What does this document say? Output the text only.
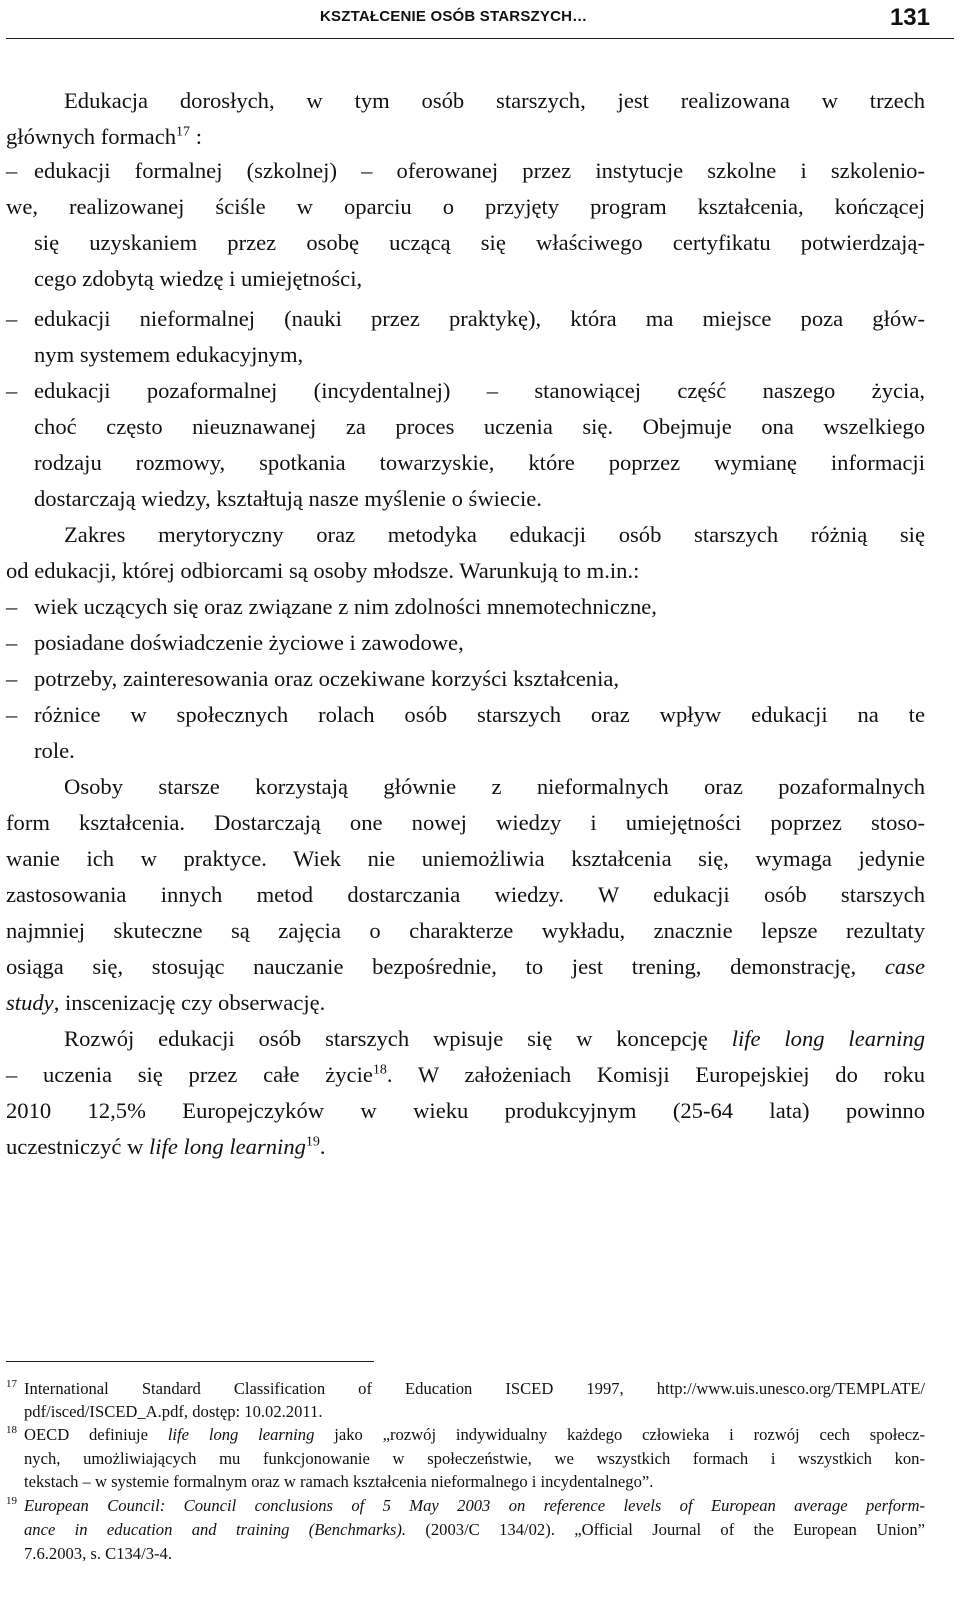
KSZTAŁCENIE OSÓB STARSZYCH…	131
Edukacja dorosłych, w tym osób starszych, jest realizowana w trzech
głównych formach$^{17}$ :
– edukacji formalnej (szkolnej) – oferowanej przez instytucje szkolne i szkolenio-
we, realizowanej ściśle w oparciu o przyjęty program kształcenia, kończącej
się uzyskaniem przez osobę uczącą się właściwego certyfikatu potwierdzają-
cego zdobytą wiedzę i umiejętności,
– edukacji nieformalnej (nauki przez praktykę), która ma miejsce poza głów-
nym systemem edukacyjnym,
– edukacji pozaformalnej (incydentalnej) – stanowiącej część naszego życia,
choć często nieuznawanej za proces uczenia się. Obejmuje ona wszelkiego
rodzaju rozmowy, spotkania towarzyskie, które poprzez wymianę informacji
dostarczają wiedzy, kształtują nasze myślenie o świecie.
Zakres merytoryczny oraz metodyka edukacji osób starszych różnią się
od edukacji, której odbiorcami są osoby młodsze. Warunkują to m.in.:
– wiek uczących się oraz związane z nim zdolności mnemotechniczne,
– posiadane doświadczenie życiowe i zawodowe,
– potrzeby, zainteresowania oraz oczekiwane korzyści kształcenia,
– różnice w społecznych rolach osób starszych oraz wpływ edukacji na te
role.
Osoby starsze korzystają głównie z nieformalnych oraz pozaformalnych
form kształcenia. Dostarczają one nowej wiedzy i umiejętności poprzez stoso-
wanie ich w praktyce. Wiek nie uniemożliwia kształcenia się, wymaga jedynie
zastosowania innych metod dostarczania wiedzy. W edukacji osób starszych
najmniej skuteczne są zajęcia o charakterze wykładu, znacznie lepsze rezultaty
osiąga się, stosując nauczanie bezpośrednie, to jest trening, demonstrację, case
study, inscenizację czy obserwację.
Rozwój edukacji osób starszych wpisuje się w koncepcję life long learning
– uczenia się przez całe życie$^{18}$. W założeniach Komisji Europejskiej do roku
2010 12,5% Europejczyków w wieku produkcyjnym (25-64 lata) powinno
uczestniczyć w life long learning$^{19}$.
17 International Standard Classification of Education ISCED 1997, http://www.uis.unesco.org/TEMPLATE/
pdf/isced/ISCED_A.pdf, dostęp: 10.02.2011.
18 OECD definiuje life long learning jako „rozwój indywidualny każdego człowieka i rozwój cech społecz-
nych, umożliwiających mu funkcjonowanie w społeczeństwie, we wszystkich formach i wszystkich kon-
tekstach – w systemie formalnym oraz w ramach kształcenia nieformalnego i incydentalnego”.
19 European Council: Council conclusions of 5 May 2003 on reference levels of European average perform-
ance in education and training (Benchmarks). (2003/C 134/02). „Official Journal of the European Union”
7.6.2003, s. C134/3-4.
